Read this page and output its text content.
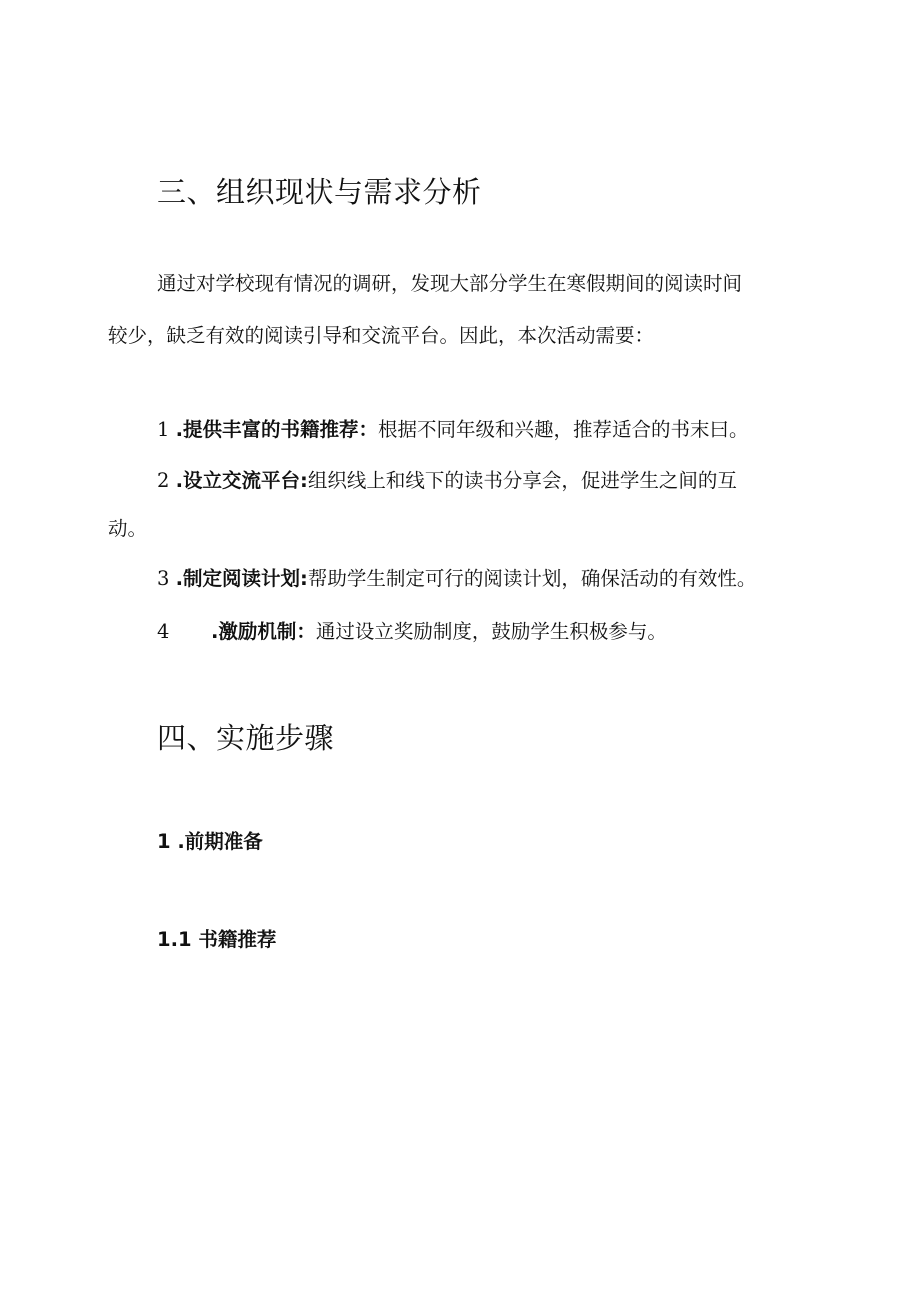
三、组织现状与需求分析

通过对学校现有情况的调研，发现大部分学生在寒假期间的阅读时间

较少，缺乏有效的阅读引导和交流平台。因此，本次活动需要：

1 .提供丰富的书籍推荐：根据不同年级和兴趣，推荐适合的书末曰。

2 .设立交流平台:组织线上和线下的读书分享会，促进学生之间的互

动。

3 .制定阅读计划:帮助学生制定可行的阅读计划，确保活动的有效性。

4 .激励机制：通过设立奖励制度，鼓励学生积极参与。

四、实施步骤
1 .前期准备
1.1 书籍推荐
